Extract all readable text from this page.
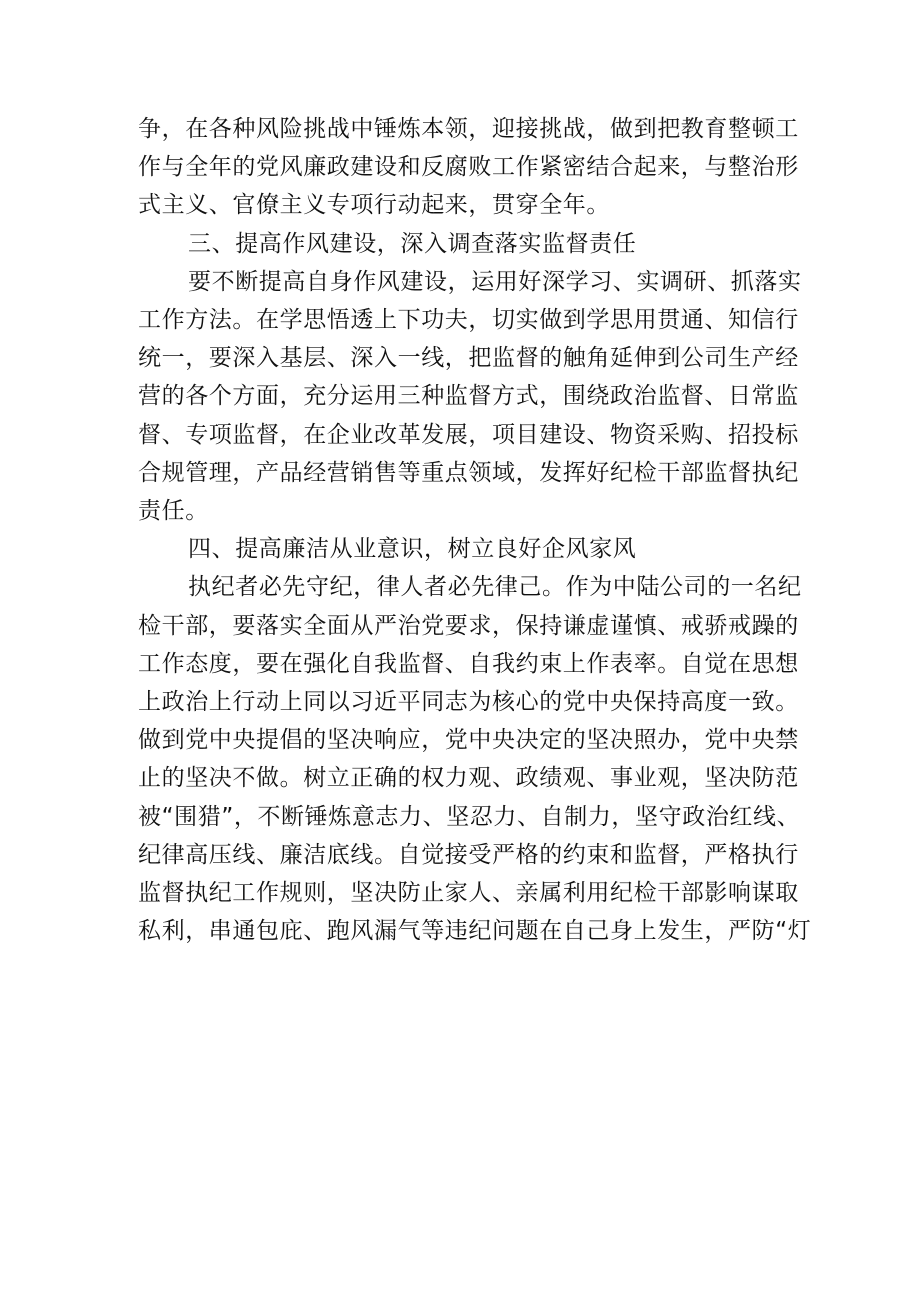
争，在各种风险挑战中锤炼本领，迎接挑战，做到把教育整顿工
作与全年的党风廉政建设和反腐败工作紧密结合起来，与整治形
式主义、官僚主义专项行动起来，贯穿全年。

三、提高作风建设，深入调查落实监督责任

要不断提高自身作风建设，运用好深学习、实调研、抓落实
工作方法。在学思悟透上下功夫，切实做到学思用贯通、知信行
统一，要深入基层、深入一线，把监督的触角延伸到公司生产经
营的各个方面，充分运用三种监督方式，围绕政治监督、日常监
督、专项监督，在企业改革发展，项目建设、物资采购、招投标
合规管理，产品经营销售等重点领域，发挥好纪检干部监督执纪
责任。

四、提高廉洁从业意识，树立良好企风家风

执纪者必先守纪，律人者必先律己。作为中陆公司的一名纪
检干部，要落实全面从严治党要求，保持谦虚谨慎、戒骄戒躁的
工作态度，要在强化自我监督、自我约束上作表率。自觉在思想
上政治上行动上同以习近平同志为核心的党中央保持高度一致。
做到党中央提倡的坚决响应，党中央决定的坚决照办，党中央禁
止的坚决不做。树立正确的权力观、政绩观、事业观，坚决防范
被“围猎”，不断锤炼意志力、坚忍力、自制力，坚守政治红线、
纪律高压线、廉洁底线。自觉接受严格的约束和监督，严格执行
监督执纪工作规则，坚决防止家人、亲属利用纪检干部影响谋取
私利，串通包庇、跑风漏气等违纪问题在自己身上发生，严防“灯
